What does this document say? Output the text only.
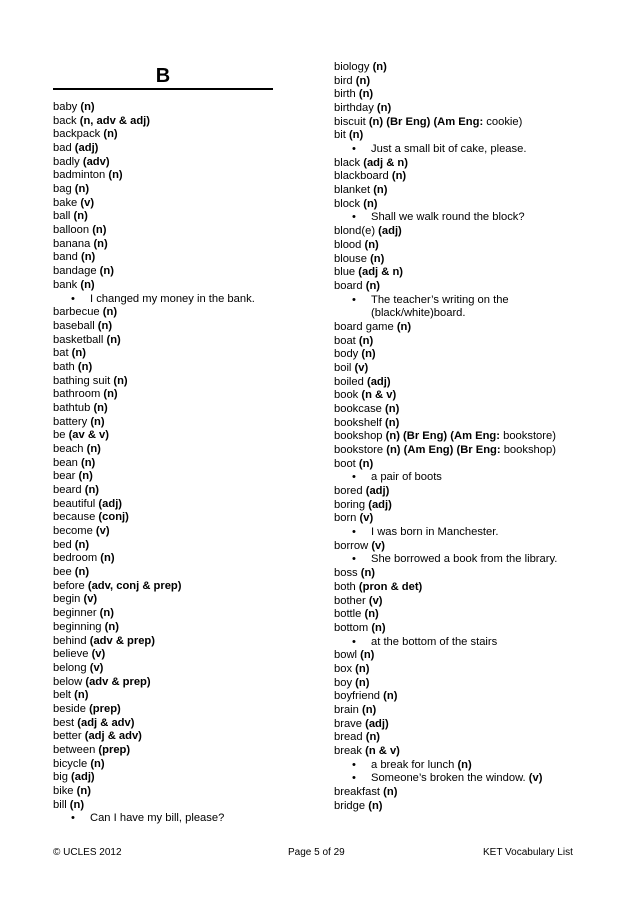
B
baby (n)
back (n, adv & adj)
backpack (n)
bad (adj)
badly (adv)
badminton (n)
bag (n)
bake (v)
ball (n)
balloon (n)
banana (n)
band (n)
bandage (n)
bank (n)
•	I changed my money in the bank.
barbecue (n)
baseball (n)
basketball (n)
bat (n)
bath (n)
bathing suit (n)
bathroom (n)
bathtub (n)
battery (n)
be (av & v)
beach (n)
bean (n)
bear (n)
beard (n)
beautiful (adj)
because (conj)
become (v)
bed (n)
bedroom (n)
bee (n)
before (adv, conj & prep)
begin (v)
beginner (n)
beginning (n)
behind (adv & prep)
believe (v)
belong (v)
below (adv & prep)
belt (n)
beside (prep)
best (adj & adv)
better (adj & adv)
between (prep)
bicycle (n)
big (adj)
bike (n)
bill (n)
•	Can I have my bill, please?
biology (n)
bird (n)
birth (n)
birthday (n)
biscuit (n) (Br Eng) (Am Eng: cookie)
bit (n)
•	Just a small bit of cake, please.
black (adj & n)
blackboard (n)
blanket (n)
block (n)
•	Shall we walk round the block?
blond(e) (adj)
blood (n)
blouse (n)
blue (adj & n)
board (n)
•	The teacher’s writing on the
(black/white)board.
board game (n)
boat (n)
body (n)
boil (v)
boiled (adj)
book (n & v)
bookcase (n)
bookshelf (n)
bookshop (n) (Br Eng) (Am Eng: bookstore)
bookstore (n) (Am Eng) (Br Eng: bookshop)
boot (n)
•	a pair of boots
bored (adj)
boring (adj)
born (v)
•	I was born in Manchester.
borrow (v)
•	She borrowed a book from the library.
boss (n)
both (pron & det)
bother (v)
bottle (n)
bottom (n)
•	at the bottom of the stairs
bowl (n)
box (n)
boy (n)
boyfriend (n)
brain (n)
brave (adj)
bread (n)
break (n & v)
•	a break for lunch (n)
•	Someone’s broken the window. (v)
breakfast (n)
bridge (n)
© UCLES 2012	Page 5 of 29	KET Vocabulary List
